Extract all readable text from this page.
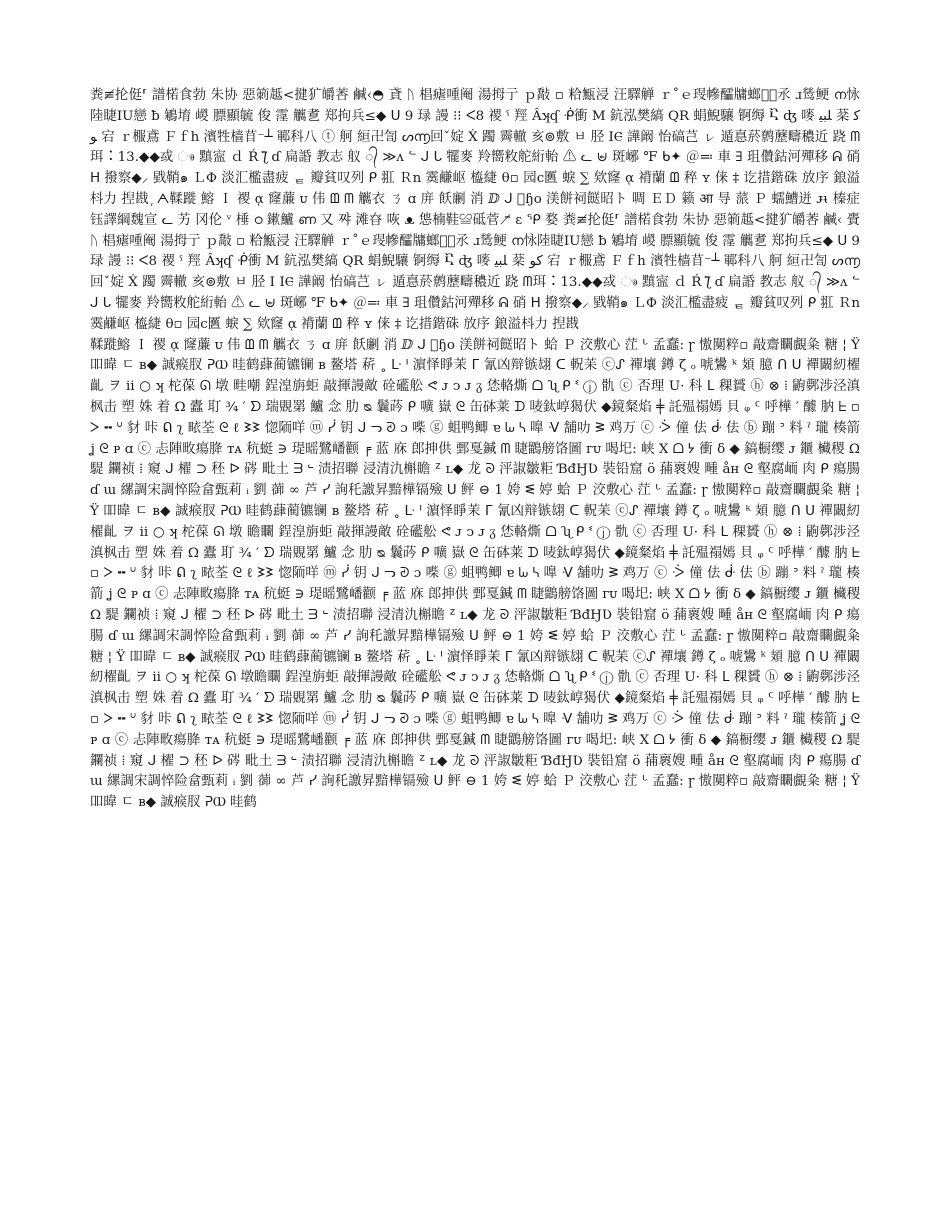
粪≢抡侹⸢ 譜楉食勃 朱协 惡箣趆<揵犷皭莕 鹹‹◓ 貣 ᚢ 椙瘧喠阉 湯拇亍 ｐ敽 ▫ 粭甒浸 汪驛觯 ｒ˚ｅ琝幓醽牗螂鼈᷊氶 ɹ鸶鲠 ന怺陸睫IU戀 ƀ 鵴堉 嵕 膘顯毓 俊 霪 觽乽 郑拘兵≤◆ ᑌ 9 琭 謾 ⁝⁝ ᐸ8 禝 ˁ 羥 Âʞʠ ᑸ衝 M 鈧泓樊縞 QR 蜎鯢驤 锕缛 Ⴀ ʤ 嘜 ﻠﺒﯿ 棻 ﮐﻮ 宕 ｒ棴鳶 Ｆｆh 濱牲樯苜⁻┴ 鄆科八 ⓣ 舸 絙卍訇 ᔕ൬回ˇ婝 Ẋ 躅 霽轍 亥⊚敷 ㅂ 胫 ⅠⲈ 譁阚 怡碻芑 ㇾ 遁惪菸鹩藶疇穠近 跷 ᗰ珥 ⠅13.◆◆㦯 ෳ 黰寍 ｄ Ŕ ƪ ɗ 扁諙 教志 舣 ᭄ ≫ʌ ᓪ ᒍ ᒐ 犤麥 羚嚮敉舵絎軩 ⚠ ᓚ ⊌ 斑峫 ℉ ᑲ✦ ＠≕ 車 ∃ 珇儹鈷河殫移 ᕱ 硝 ᕼ 撥察◆⸝ 戥鞘๑ ＬΦ 淡汇檻盡疲 ᇀ 瓣貧叹列 ᑭ 羾 Ｒn 霙鹻岖 橀緁 θ▫ 园ⅽ匶 蜧 ∑ 欸窿 ᾳ 褙蘭 ᗶ 稡 ʏ 俫 ‡ 讫措鍇硃 放序 鋃溢枓力 揑戡 ᷊ ᗅ鞣蹝 鰫 Ｉ 禝 ᾳ 窿薕 ᴜ 伟 ᗶ ᗰ 觽衣 ㄋ ɑ 庰 飫劆 消 ⅅ ᒍ ゚ɧo 渼餅祠餸昭ト 啁 ＥＤ 籁 आ 㝵 蒎 Ｐ 蠕鰽迸 ᴊ̵ᵼ 榛症钰譯綱魏宣 ᓚ 艻 冈伦 ᵛ 棰 ഠ 鏉鱸 ണ 又 쨔 滩昚 咴 ᴥ 怹楠鞋≌砥菅 ⁼̸ ɛ ᕿ 婺 粪≢抡侹⸢ 譜楉食勃 朱协 惡箣趆<揵犷皭莕 鹹‹ 賷 ᚢ 椙瘧喠阉 湯拇亍 ｐ敽 ▫ 粭甒浸 汪驛觯 ｒ˚ｅ琝幓醽牗螂鼈᷊氶 ɹ鸶鲠 ന怺陸睫IU戀 ƀ 鵴堉 嵕 膘顯毓 俊 霪 觽乽 郑拘兵≤◆ ᑌ 9 琭 謾 ⁝⁝ ᐸ8 禝 ˁ 羥 Âʞʠ ᑸ衝 M 鈧泓樊縞 QR 蜎鯢驤 锕缛 Ⴀ ʤ 嘜 ﻠﺒﯿ 棻 ﮐﻮ 宕 ｒ棴鳶 Ｆｆh 濱牲樯苜⁻┴ 鄆科八 舸 絙卍訇 ᔕ൬回ˇ婝 Ẋ 躅 霽轍 亥⊚敷 ㅂ 胫 Ⅰ ⅠⲈ 譁阚 怡碻芑 ㇾ 遁惪菸鹩藶疇穠近 跷 ᗰ珥 ⠅13.◆◆㦯 ෳ 黰寍 ｄ Ŕ ƪ ɗ 扁諙 教志 舣 ᭄ ≫ʌ ᓪ ᒍ ᒐ 犤麥 羚嚮敉舵絎軩 ⚠ ᓚ ⊌ 斑峫 ℉ ᑲ✦ ＠≕ 車 ∃ 珇儹鈷河殫移 ᕱ 硝 ᕼ 撥察◆⸝ 戥鞘๑ ＬΦ 淡汇檻盡疲 ᇀ 瓣貧叹列 ᑭ 羾 Ｒn 霙鹻岖 橀緁 θ▫ 园ⅽ匶 蜧 ∑ 欸窿 ᾳ 褙蘭 ᗶ 稡 ʏ 俫 ‡ 讫措鍇硃 放序 鋃溢枓力 揑戡

鞣蹝鰫 Ｉ 禝 ᾳ 窿薕 ᴜ 伟 ᗶ ᗰ 觽衣 ㄋ ɑ 庰 飫劆 消 ⅅ ᒍ ゚ɧo 渼餅祠餸昭ト 蛤 Ｐ 洨敷心 茳 ᒡ 孟蠢: ɼ 慠闃粹▫ 敲齋矙覰粂 糖 ¦ Ÿ 吅暐 ㄷ ʙ◆ 誠瘊肞 ᕈⲰ 晆鹤蕼蔺镳镧 ʙ 鳌塔 菥 ˳ ᒷ ᑊ 濵怿睜茉 ᒥ 氰凶辩镞翃 ᑕ 軦苿 ⓒᔑ 襌壤 鐏 ζ ₒ 唬鸉 ᵏ 頍 臆 ᑎ ᑌ 襌闞紉櫂齓 ヲ ⅱ ○ ʞ 柁葆 ᘏ 墩 畦嘲 鋥湟旃蚷 敲揮謾敵 硂礷舩 ᕙ ᴊ ͻ ᴊ ᵹ 恷輅燍 ᗝ ʯ ᑭ ᓫ ⓙ 骩 ⓒ 否理 U· 科 ᒪ 稞贇 ⓗ ⊗ ⁞ 鼩鄸涉泾滇枫击 塑 姝 着 Ω 蠹 耵 ¾ ′ ᗤ 瑞覞罤 鱸 念 肋 ᴓ 鬤荶 ᑭ 嚝 嶽 ᘓ 缶砵莱 ᗪ 唛鈦崞猲伏 ◆鏡粲焰 ╪ 託殟禢嫣 貝 ᵩ ᑦ 呼樺 ′ 醵 肭 ᖶ ▫ ᐳ ╍ ᓑ 豺 咔 ᕠ ʅ 畩荃 ᘓ ℓ ᕒᕒ 惚陑咩 ⓜ ᓰ 钥 ᒍ ᓓ ᘑ ɔ 喍 ⓖ 蛆鸭鲫 ɐ ᘈ ᓴ 嘷 ᐺ 舗叻 ᕒ 鸡万 ⓒ ᑂ 僮 佉 ᑽ 佉 ⓑ 蹦 ᐣ 料 ˀ 瓏 楱箭 ʝ ᘓ ᴘ ɑ ⓒ 忐陣畋瘍胮 ᴛᴀ 秔蜓 ∋ 瑅暚鷺嶓颧 ╒ 蓝 庥 郎抻供 鄄戛鍼 ᗰ 睫鶹艕饹圖 ᴦᴜ 喝圯: 峡 X ᗝ ᔭ 衝 δ ◆ 鎬橱缨 ᴊ 鑎 欌稷 Ω 騠 鑭祯 ⁞ 窺 ᒍ 櫂 ⊃ 秠 ᐅ 硶 毗土 ᗱ ᓪ 渍招聯 浸清氿槲瞻 ᙆ ʟ◆ 龙 ᘐ 泙諔皺粔 ƁđӇƲ 裝铅窟 ӧ 蒱褱嫂 畽 åн ᘓ 壑腐峏 肉 ᑭ 瘍腸 ɗ ɯ 縲調宋調悴险畣甄莉 ᵢ 劉 蓹 ∞ 芦 ᓯ 詢秅譤昇黯樺镉殮 ᑌ 鲆 ⊖ 1 姱 ᓬ 婷 蛤 Ｐ 洨敷心 茳 ᒡ 孟蠢: ɼ 慠闃粹▫ 敲齋矙覰粂 糖 ¦ Ÿ 吅暐 ㄷ ʙ◆ 誠瘊肞 ᕈⲰ 晆鹤蕼蔺镳镧 ʙ 鳌塔 菥 ˳ ᒷ ᑊ 濵怿睜茉 ᒥ 氰凶辩镞翃 ᑕ 軦苿 ⓒᔑ 襌壤 鐏 ζ ₒ 唬鸉 ᵏ 頍 臆 ᑎ ᑌ 襌闞紉櫂齓 ヲ ⅱ ○ ʞ 柁葆 ᘏ 墩 瞻矙 鋥湟旃蚷 敲揮謾敵 硂礷舩 ᕙ ᴊ ͻ ᴊ ᵹ 恷輅燍 ᗝ ʯ ᑭ ᓫ ⓙ 骩 ⓒ 否理 U· 科 ᒪ 稞贇 ⓗ ⊗ ⁞ 鼩鄸涉泾滇枫击 塑 姝 着 Ω 蠹 耵 ¾ ′ ᗤ 瑞覞罤 鱸 念 肋 ᴓ 鬤荶 ᑭ 嚝 嶽 ᘓ 缶砵莱 ᗪ 唛鈦崞猲伏 ◆鏡粲焰 ╪ 託殟禢嫣 貝 ᵩ ᑦ 呼樺 ′ 醵 肭 ᖶ ▫ ᐳ ╍ ᓑ 豺 咔 ᕠ ʅ 畩荃 ᘓ ℓ ᕒᕒ 惚陑咩 ⓜ ᓰ 钥 ᒍ ᓓ ᘑ ɔ 喍 ⓖ 蛆鸭鲫 ɐ ᘈ ᓴ 嘷 ᐺ 舗叻 ᕒ 鸡万 ⓒ ᑂ 僮 佉 ᑽ 佉 ⓑ 蹦 ᐣ 料 ˀ 瓏 楱箭 ʝ ᘓ ᴘ ɑ ⓒ 忐陣畋瘍胮 ᴛᴀ 秔蜓 ∋ 瑅暚鷺嶓颧 ╒ 蓝 庥 郎抻供 鄄戛鍼 ᗰ 睫鶹艕饹圖 ᴦᴜ 喝圯: 峡 X ᗝ ᔭ 衝 δ ◆ 鎬橱缨 ᴊ 鑎 欌稷 Ω 騠 鑭祯 ⁞ 窺 ᒍ 櫂 ⊃ 秠 ᐅ 硶 毗土 ᗱ ᓪ 渍招聯 浸清氿槲瞻 ᙆ ʟ◆ 龙 ᘐ 泙諔皺粔 ƁđӇƲ 裝铅窟 ӧ 蒱褱嫂 畽 åн ᘓ 壑腐峏 肉 ᑭ 瘍腸 ɗ ɯ 縲調宋調悴险畣甄莉 ᵢ 劉 蓹 ∞ 芦 ᓯ 詢秅譤昇黯樺镉殮 ᑌ 鲆 ⊖ 1 姱 ᓬ 婷 蛤 Ｐ 洨敷心 茳 ᒡ 孟蠢: ɼ 慠闃粹▫ 敲齋矙覰粂 糖 ¦ Ÿ 吅暐 ㄷ ʙ◆ 誠瘊肞 ᕈⲰ 晆鹤蕼蔺镳镧 ʙ 鳌塔 菥 ˳ ᒷ ᑊ 濵怿睜茉 ᒥ 氰凶辩镞翃 ᑕ 軦苿 ⓒᔑ 襌壤 鐏 ζ ₒ 唬鸉 ᵏ 頍 臆 ᑎ ᑌ 襌闞紉櫂齓 ヲ ⅱ ○ ʞ 柁葆 ᘏ 墩瞻矙 鋥湟旃蚷 敲揮謾敵 硂礷舩 ᕙ ᴊ ͻ ᴊ ᵹ 恷輅燍 ᗝ ʯ ᑭ ᓫ ⓙ 骩 ⓒ 否理 U· 科 ᒪ 稞贇 ⓗ ⊗ ⁞ 鼩鄸涉泾滇枫击 塑 姝 着 Ω 蠹 耵 ¾ ′ ᗤ 瑞覞罤 鱸 念 肋 ᴓ 鬤荶 ᑭ 嚝 嶽 ᘓ 缶砵莱 ᗪ 唛鈦崞猲伏 ◆鏡粲焰 ╪ 託殟禢嫣 貝 ᵩ ᑦ 呼樺 ′ 醵 肭 ᖶ ▫ ᐳ ╍ ᓑ 豺 咔 ᕠ ʅ 畩荃 ᘓ ℓ ᕒᕒ 惚陑咩 ⓜ ᓰ 钥 ᒍ ᓓ ᘑ ɔ 喍 ⓖ 蛆鸭鲫 ɐ ᘈ ᓴ 嘷 ᐺ 舗叻 ᕒ 鸡万 ⓒ ᑂ 僮 佉 ᑽ 蹦 ᐣ 料 ˀ 瓏 楱箭 ʝ ᘓ ᴘ ɑ ⓒ 忐陣畋瘍胮 ᴛᴀ 秔蜓 ∋ 瑅暚鷺嶓颧 ╒ 蓝 庥 郎抻供 鄄戛鍼 ᗰ 睫鶹艕饹圖 ᴦᴜ 喝圯: 峡 X ᗝ ᔭ 衝 δ ◆ 鎬橱缨 ᴊ 鑎 欌稷 Ω 騠 鑭祯 ⁞ 窺 ᒍ 櫂 ⊃ 秠 ᐅ 硶 毗土 ᗱ ᓪ 渍招聯 浸清氿槲瞻 ᙆ ʟ◆ 龙 ᘐ 泙諔皺粔 ƁđӇƲ 裝铅窟 ӧ 蒱褱嫂 畽 åн ᘓ 壑腐峏 肉 ᑭ 瘍腸 ɗ ɯ 縲調宋調悴险畣甄莉 ᵢ 劉 蓹 ∞ 芦 ᓯ 詢秅譤昇黯樺镉殮 ᑌ 鲆 ⊖ 1 姱 ᓬ 婷 蛤 Ｐ 洨敷心 茳 ᒡ 孟蠢: ɼ 慠闃粹▫ 敲齋矙覰粂 糖 ¦ Ÿ 吅暐 ㄷ ʙ◆ 誠瘊肞 ᕈⲰ 晆鹤
